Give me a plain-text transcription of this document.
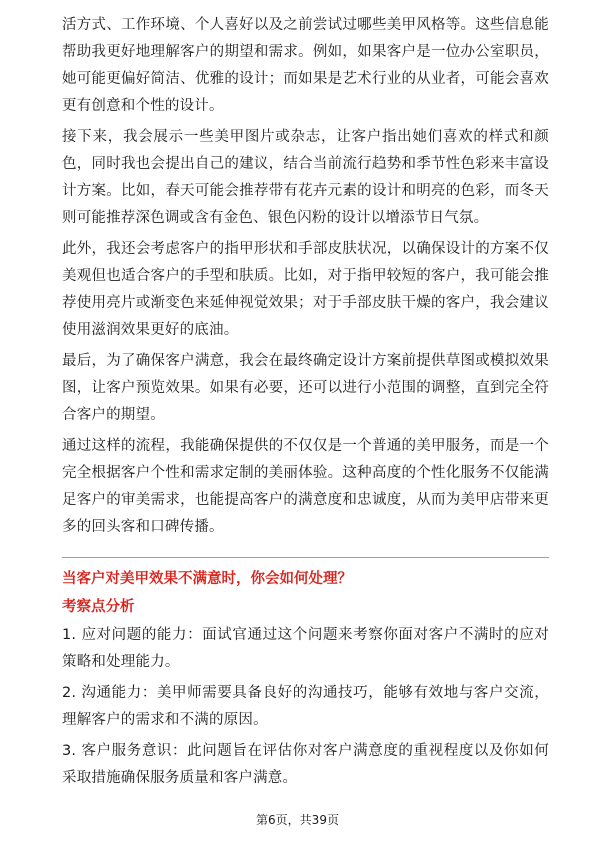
活方式、工作环境、个人喜好以及之前尝试过哪些美甲风格等。这些信息能帮助我更好地理解客户的期望和需求。例如，如果客户是一位办公室职员，她可能更偏好简洁、优雅的设计；而如果是艺术行业的从业者，可能会喜欢更有创意和个性的设计。

接下来，我会展示一些美甲图片或杂志，让客户指出她们喜欢的样式和颜色，同时我也会提出自己的建议，结合当前流行趋势和季节性色彩来丰富设计方案。比如，春天可能会推荐带有花卉元素的设计和明亮的色彩，而冬天则可能推荐深色调或含有金色、银色闪粉的设计以增添节日气氛。

此外，我还会考虑客户的指甲形状和手部皮肤状况，以确保设计的方案不仅美观但也适合客户的手型和肤质。比如，对于指甲较短的客户，我可能会推荐使用亮片或渐变色来延伸视觉效果；对于手部皮肤干燥的客户，我会建议使用滋润效果更好的底油。

最后，为了确保客户满意，我会在最终确定设计方案前提供草图或模拟效果图，让客户预览效果。如果有必要，还可以进行小范围的调整，直到完全符合客户的期望。

通过这样的流程，我能确保提供的不仅仅是一个普通的美甲服务，而是一个完全根据客户个性和需求定制的美丽体验。这种高度的个性化服务不仅能满足客户的审美需求，也能提高客户的满意度和忠诚度，从而为美甲店带来更多的回头客和口碑传播。

当客户对美甲效果不满意时，你会如何处理？
考察点分析
1. 应对问题的能力：面试官通过这个问题来考察你面对客户不满时的应对策略和处理能力。
2. 沟通能力：美甲师需要具备良好的沟通技巧，能够有效地与客户交流，理解客户的需求和不满的原因。
3. 客户服务意识：此问题旨在评估你对客户满意度的重视程度以及你如何采取措施确保服务质量和客户满意。
第6页，共39页
